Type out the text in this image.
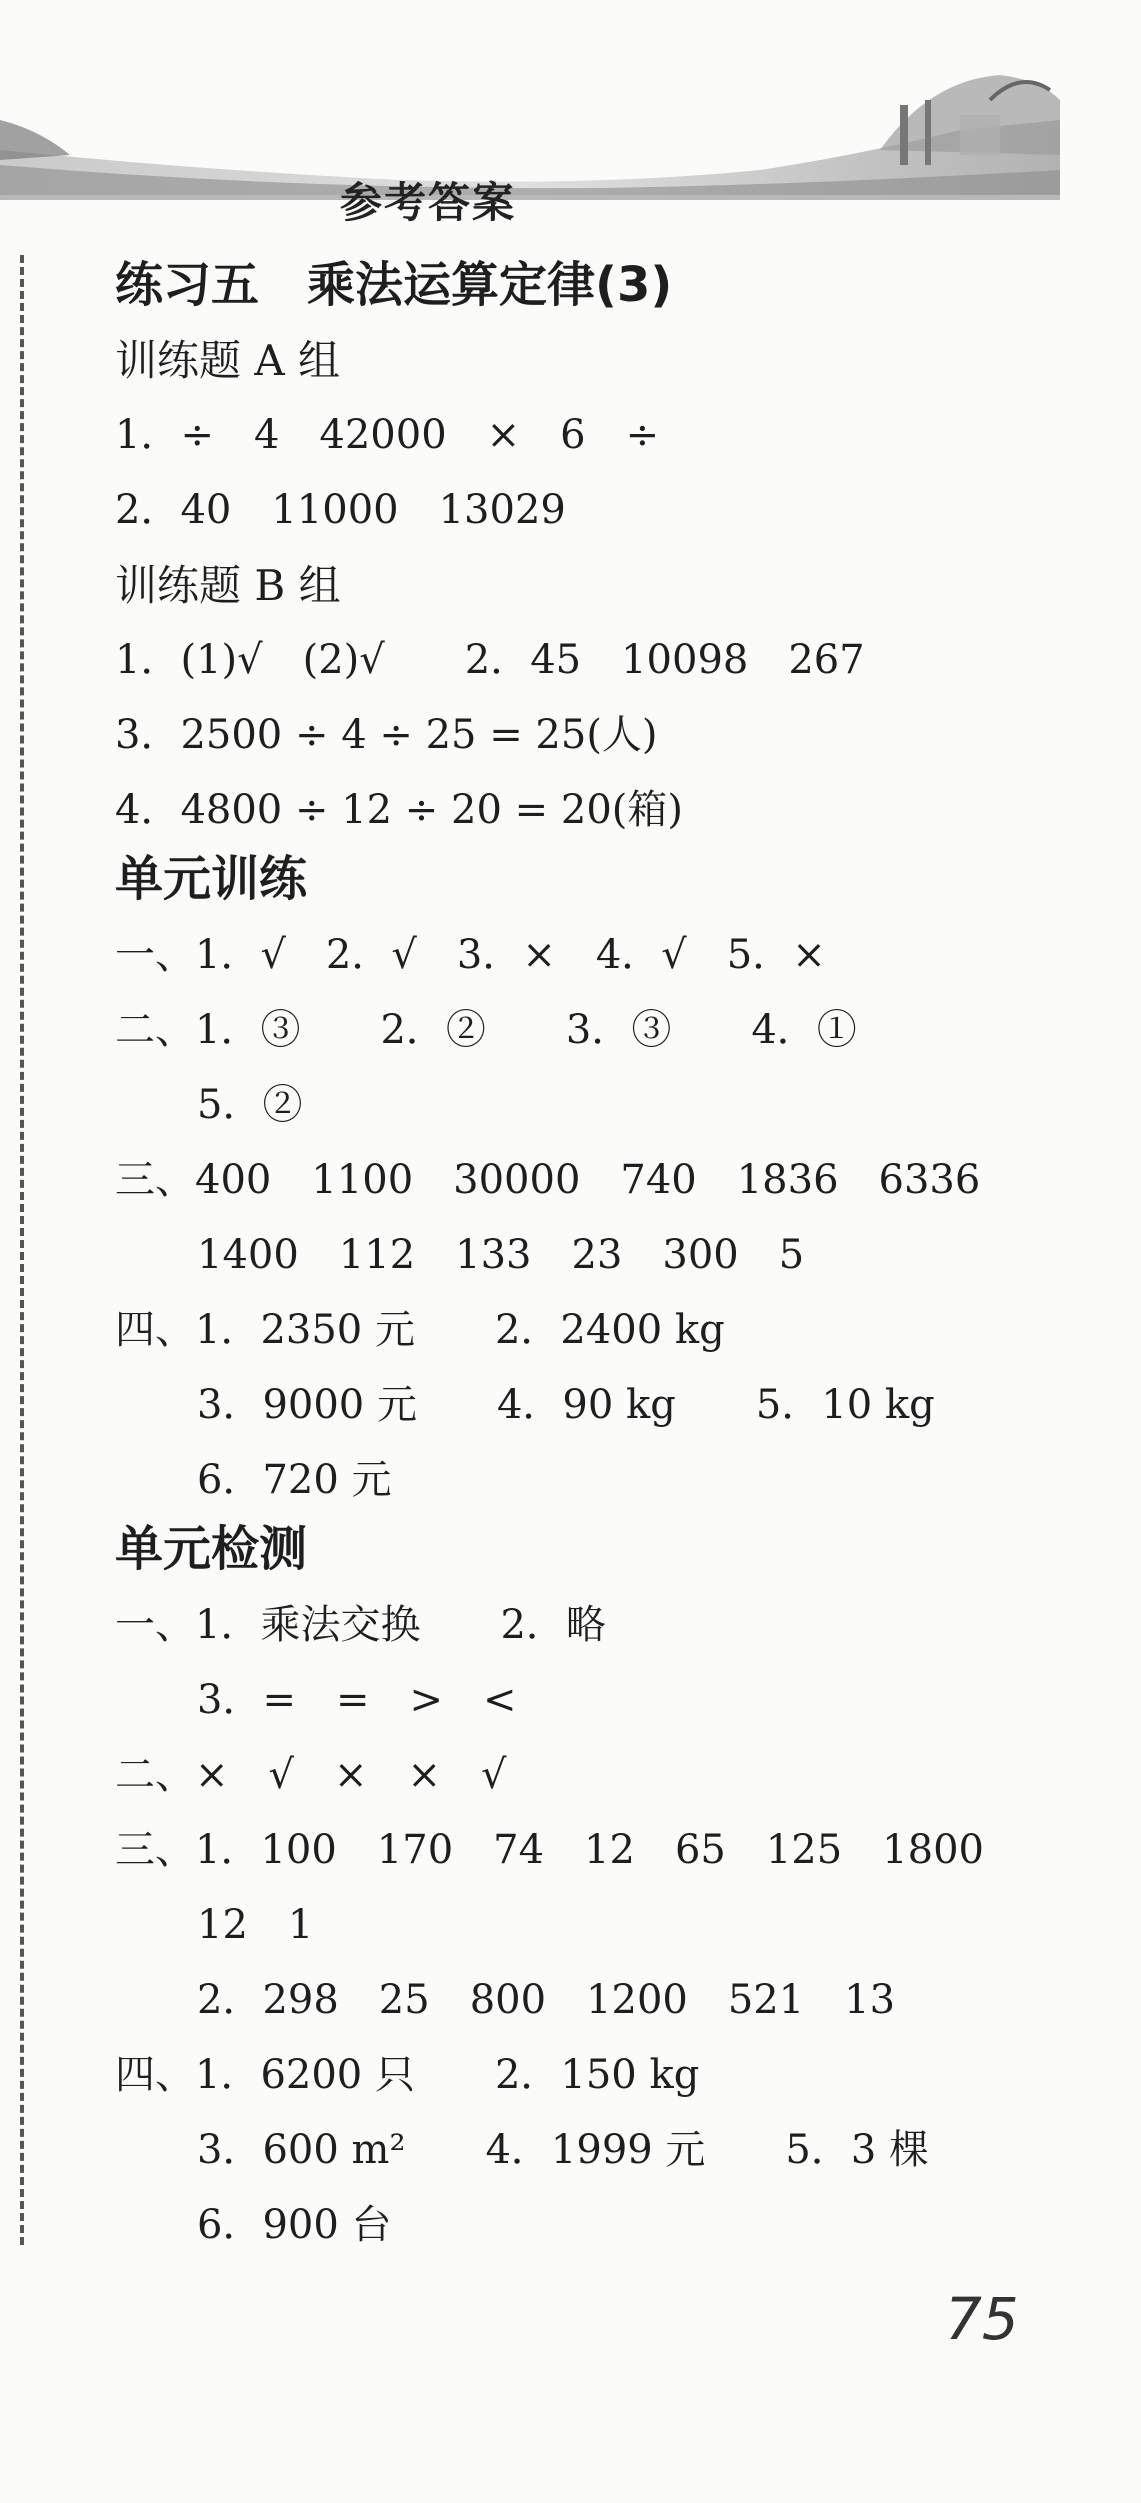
参考答案
练习五　乘法运算定律(3)
训练题 A 组
1．÷　4　42000　×　6　÷
2．40　11000　13029
训练题 B 组
1．(1)√　(2)√　　2．45　10098　267
3．2500 ÷ 4 ÷ 25 = 25(人)
4．4800 ÷ 12 ÷ 20 = 20(箱)
单元训练
一、1．√　2．√　3．×　4．√　5．×
二、1．③　　2．②　　3．③　　4．①
5．②
三、400　1100　30000　740　1836　6336
1400　112　133　23　300　5
四、1．2350 元　　2．2400 kg
3．9000 元　　4．90 kg　　5．10 kg
6．720 元
单元检测
一、1．乘法交换　　2．略
3．=　=　>　<
二、×　√　×　×　√
三、1．100　170　74　12　65　125　1800
12　1
2．298　25　800　1200　521　13
四、1．6200 只　　2．150 kg
3．600 m²　　4．1999 元　　5．3 棵
6．900 台
75
